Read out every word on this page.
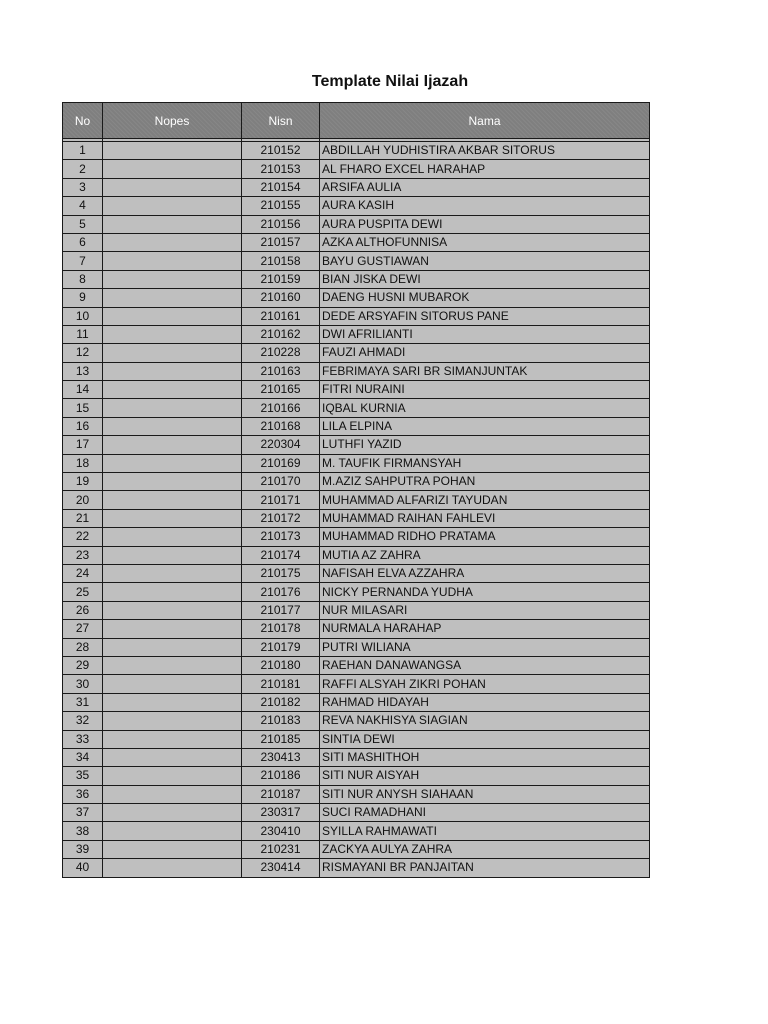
Template Nilai Ijazah
No	Nopes	Nisn	Nama

1		210152	ABDILLAH YUDHISTIRA AKBAR SITORUS
2		210153	AL FHARO EXCEL HARAHAP
3		210154	ARSIFA AULIA
4		210155	AURA KASIH
5		210156	AURA PUSPITA DEWI
6		210157	AZKA ALTHOFUNNISA
7		210158	BAYU GUSTIAWAN
8		210159	BIAN JISKA DEWI
9		210160	DAENG HUSNI MUBAROK
10		210161	DEDE ARSYAFIN SITORUS PANE
11		210162	DWI AFRILIANTI
12		210228	FAUZI AHMADI
13		210163	FEBRIMAYA SARI BR SIMANJUNTAK
14		210165	FITRI NURAINI
15		210166	IQBAL KURNIA
16		210168	LILA ELPINA
17		220304	LUTHFI YAZID
18		210169	M. TAUFIK FIRMANSYAH
19		210170	M.AZIZ SAHPUTRA POHAN
20		210171	MUHAMMAD ALFARIZI TAYUDAN
21		210172	MUHAMMAD RAIHAN FAHLEVI
22		210173	MUHAMMAD RIDHO PRATAMA
23		210174	MUTIA AZ ZAHRA
24		210175	NAFISAH ELVA AZZAHRA
25		210176	NICKY PERNANDA YUDHA
26		210177	NUR MILASARI
27		210178	NURMALA HARAHAP
28		210179	PUTRI WILIANA
29		210180	RAEHAN DANAWANGSA
30		210181	RAFFI ALSYAH ZIKRI POHAN
31		210182	RAHMAD HIDAYAH
32		210183	REVA NAKHISYA SIAGIAN
33		210185	SINTIA DEWI
34		230413	SITI MASHITHOH
35		210186	SITI NUR AISYAH
36		210187	SITI NUR ANYSH SIAHAAN
37		230317	SUCI RAMADHANI
38		230410	SYILLA RAHMAWATI
39		210231	ZACKYA AULYA ZAHRA
40		230414	RISMAYANI BR PANJAITAN
